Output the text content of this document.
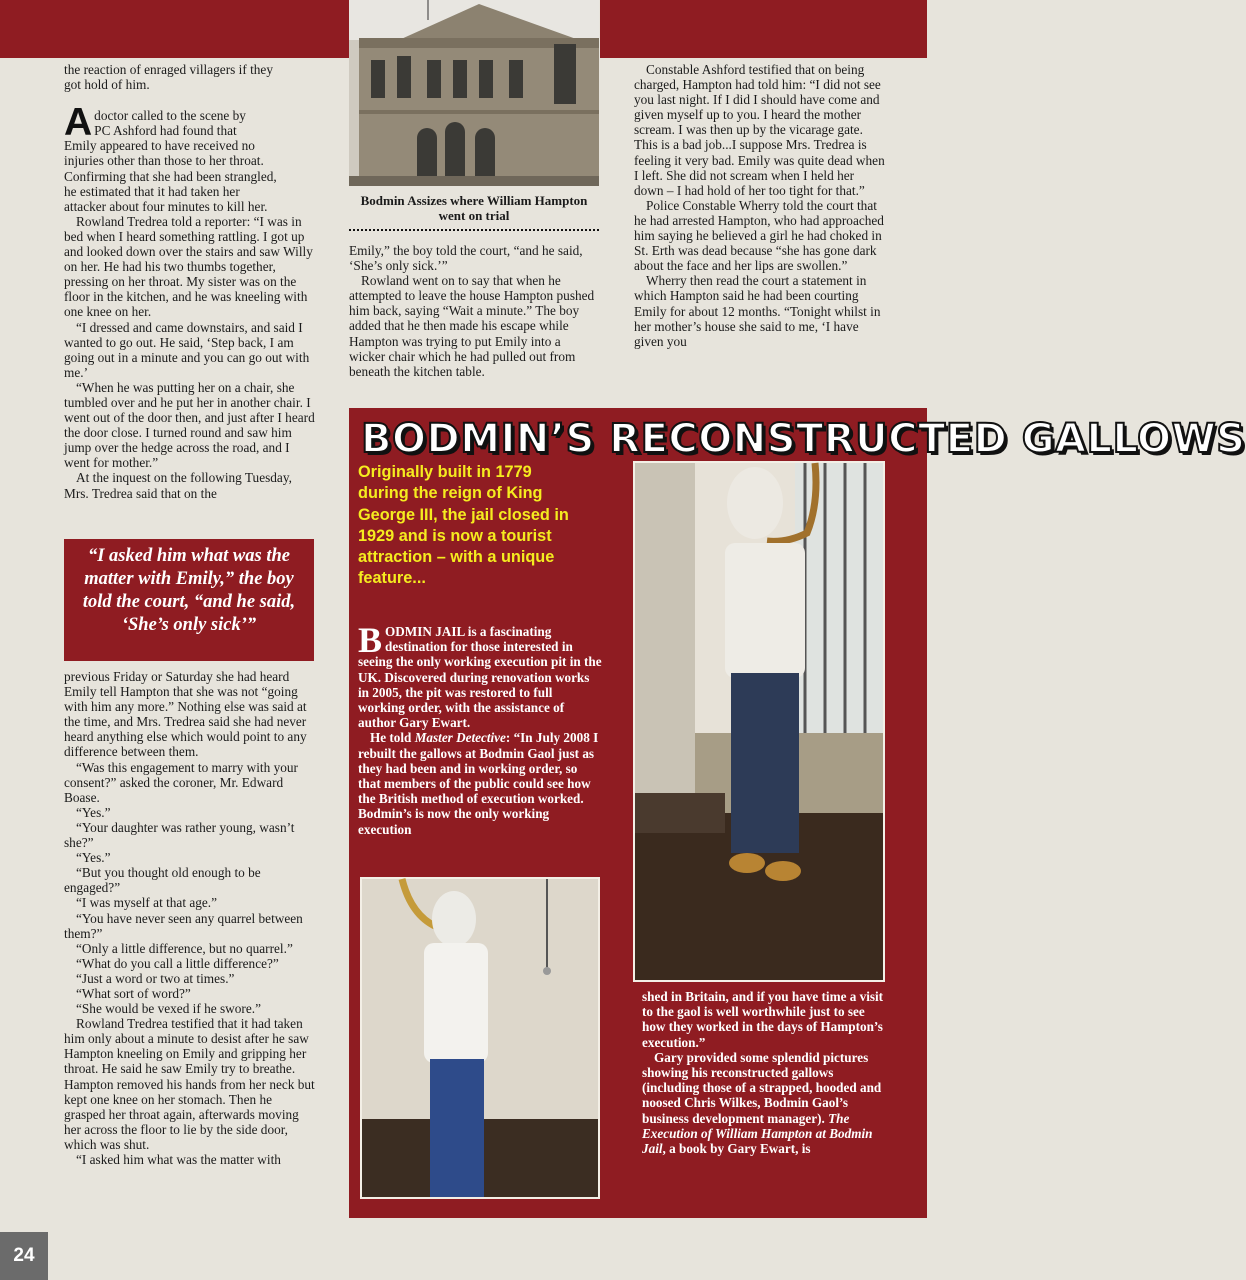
the reaction of enraged villagers if they

got hold of him.

A doctor called to the scene by
PC Ashford had found that
Emily appeared to have received no
injuries other than those to her throat.
Confirming that she had been strangled,
he estimated that it had taken her
attacker about four minutes to kill her.

Rowland Tredrea told a reporter: “I was in bed when I heard something rattling. I got up and looked down over the stairs and saw Willy on her. He had his two thumbs together, pressing on her throat. My sister was on the floor in the kitchen, and he was kneeling with one knee on her.

“I dressed and came downstairs, and said I wanted to go out. He said, ‘Step back, I am going out in a minute and you can go out with me.’

“When he was putting her on a chair, she tumbled over and he put her in another chair. I went out of the door then, and just after I heard the door close. I turned round and saw him jump over the hedge across the road, and I went for mother.”

At the inquest on the following Tuesday, Mrs. Tredrea said that on the

“I asked him what was the matter with Emily,” the boy told the court, “and he said, ‘She’s only sick’”

previous Friday or Saturday she had heard Emily tell Hampton that she was not “going with him any more.” Nothing else was said at the time, and Mrs. Tredrea said she had never heard anything else which would point to any difference between them.

“Was this engagement to marry with your consent?” asked the coroner, Mr. Edward Boase.

“Yes.”

“Your daughter was rather young, wasn’t she?”

“Yes.”

“But you thought old enough to be engaged?”

“I was myself at that age.”

“You have never seen any quarrel between them?”

“Only a little difference, but no quarrel.”

“What do you call a little difference?”

“Just a word or two at times.”

“What sort of word?”

“She would be vexed if he swore.”

Rowland Tredrea testified that it had taken him only about a minute to desist after he saw Hampton kneeling on Emily and gripping her throat. He said he saw Emily try to breathe. Hampton removed his hands from her neck but kept one knee on her stomach. Then he grasped her throat again, afterwards moving her across the floor to lie by the side door, which was shut.

“I asked him what was the matter with

Bodmin Assizes where William Hampton went on trial

Emily,” the boy told the court, “and he said, ‘She’s only sick.’”

Rowland went on to say that when he attempted to leave the house Hampton pushed him back, saying “Wait a minute.” The boy added that he then made his escape while Hampton was trying to put Emily into a wicker chair which he had pulled out from beneath the kitchen table.

Constable Ashford testified that on being charged, Hampton had told him: “I did not see you last night. If I did I should have come and given myself up to you. I heard the mother scream. I was then up by the vicarage gate. This is a bad job...I suppose Mrs. Tredrea is feeling it very bad. Emily was quite dead when I left. She did not scream when I held her down – I had hold of her too tight for that.”

Police Constable Wherry told the court that he had arrested Hampton, who had approached him saying he believed a girl he had choked in St. Erth was dead because “she has gone dark about the face and her lips are swollen.”

Wherry then read the court a statement in which Hampton said he had been courting Emily for about 12 months. “Tonight whilst in her mother’s house she said to me, ‘I have given you

BODMIN’S RECONSTRUCTED GALLOWS
Originally built in 1779 during the reign of King George III, the jail closed in 1929 and is now a tourist attraction – with a unique feature...

BODMIN JAIL is a fascinating destination for those interested in seeing the only working execution pit in the UK. Discovered during renovation works in 2005, the pit was restored to full working order, with the assistance of author Gary Ewart.

He told Master Detective: “In July 2008 I rebuilt the gallows at Bodmin Gaol just as they had been and in working order, so that members of the public could see how the British method of execution worked. Bodmin’s is now the only working execution

shed in Britain, and if you have time a visit to the gaol is well worthwhile just to see how they worked in the days of Hampton’s execution.”

Gary provided some splendid pictures showing his reconstructed gallows (including those of a strapped, hooded and noosed Chris Wilkes, Bodmin Gaol’s business development manager). The Execution of William Hampton at Bodmin Jail, a book by Gary Ewart, is

24
